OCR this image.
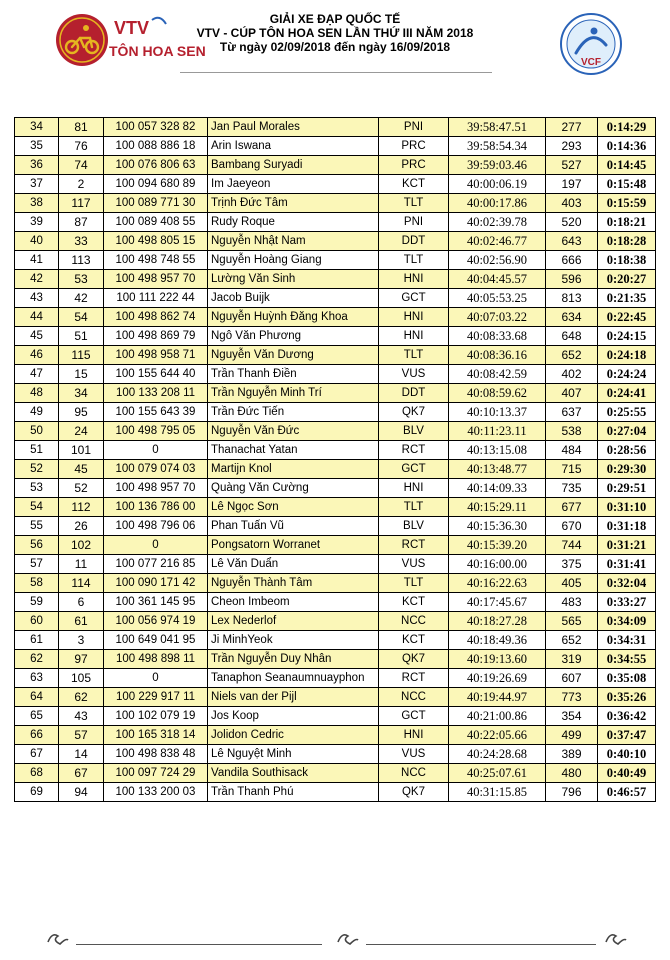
VTV
TÔN HOA SEN
GIẢI XE ĐẠP QUỐC TẾ
VTV - CÚP TÔN HOA SEN LẦN THỨ III NĂM 2018
Từ ngày 02/09/2018 đến ngày 16/09/2018
VCF
34	81	100 057 328 82	Jan Paul Morales	PNI	39:58:47.51	277	0:14:29
35	76	100 088 886 18	Arin Iswana	PRC	39:58:54.34	293	0:14:36
36	74	100 076 806 63	Bambang Suryadi	PRC	39:59:03.46	527	0:14:45
37	2	100 094 680 89	Im Jaeyeon	KCT	40:00:06.19	197	0:15:48
38	117	100 089 771 30	Trịnh Đức Tâm	TLT	40:00:17.86	403	0:15:59
39	87	100 089 408 55	Rudy Roque	PNI	40:02:39.78	520	0:18:21
40	33	100 498 805 15	Nguyễn Nhật Nam	DDT	40:02:46.77	643	0:18:28
41	113	100 498 748 55	Nguyễn Hoàng Giang	TLT	40:02:56.90	666	0:18:38
42	53	100 498 957 70	Lường Văn Sinh	HNI	40:04:45.57	596	0:20:27
43	42	100 111 222 44	Jacob Buijk	GCT	40:05:53.25	813	0:21:35
44	54	100 498 862 74	Nguyễn Huỳnh Đăng Khoa	HNI	40:07:03.22	634	0:22:45
45	51	100 498 869 79	Ngô Văn Phương	HNI	40:08:33.68	648	0:24:15
46	115	100 498 958 71	Nguyễn Văn Dương	TLT	40:08:36.16	652	0:24:18
47	15	100 155 644 40	Trần Thanh Điền	VUS	40:08:42.59	402	0:24:24
48	34	100 133 208 11	Trần Nguyễn Minh Trí	DDT	40:08:59.62	407	0:24:41
49	95	100 155 643 39	Trần Đức Tiến	QK7	40:10:13.37	637	0:25:55
50	24	100 498 795 05	Nguyễn Văn Đức	BLV	40:11:23.11	538	0:27:04
51	101	0	Thanachat Yatan	RCT	40:13:15.08	484	0:28:56
52	45	100 079 074 03	Martijn Knol	GCT	40:13:48.77	715	0:29:30
53	52	100 498 957 70	Quàng Văn Cường	HNI	40:14:09.33	735	0:29:51
54	112	100 136 786 00	Lê Ngọc Sơn	TLT	40:15:29.11	677	0:31:10
55	26	100 498 796 06	Phan Tuấn Vũ	BLV	40:15:36.30	670	0:31:18
56	102	0	Pongsatorn Worranet	RCT	40:15:39.20	744	0:31:21
57	11	100 077 216 85	Lê Văn Duẩn	VUS	40:16:00.00	375	0:31:41
58	114	100 090 171 42	Nguyễn Thành Tâm	TLT	40:16:22.63	405	0:32:04
59	6	100 361 145 95	Cheon Imbeom	KCT	40:17:45.67	483	0:33:27
60	61	100 056 974 19	Lex Nederlof	NCC	40:18:27.28	565	0:34:09
61	3	100 649 041 95	Ji MinhYeok	KCT	40:18:49.36	652	0:34:31
62	97	100 498 898 11	Trần Nguyễn Duy Nhân	QK7	40:19:13.60	319	0:34:55
63	105	0	Tanaphon Seanaumnuayphon	RCT	40:19:26.69	607	0:35:08
64	62	100 229 917 11	Niels van der Pijl	NCC	40:19:44.97	773	0:35:26
65	43	100 102 079 19	Jos Koop	GCT	40:21:00.86	354	0:36:42
66	57	100 165 318 14	Jolidon Cedric	HNI	40:22:05.66	499	0:37:47
67	14	100 498 838 48	Lê Nguyệt Minh	VUS	40:24:28.68	389	0:40:10
68	67	100 097 724 29	Vandila Southisack	NCC	40:25:07.61	480	0:40:49
69	94	100 133 200 03	Trần Thanh Phú	QK7	40:31:15.85	796	0:46:57
